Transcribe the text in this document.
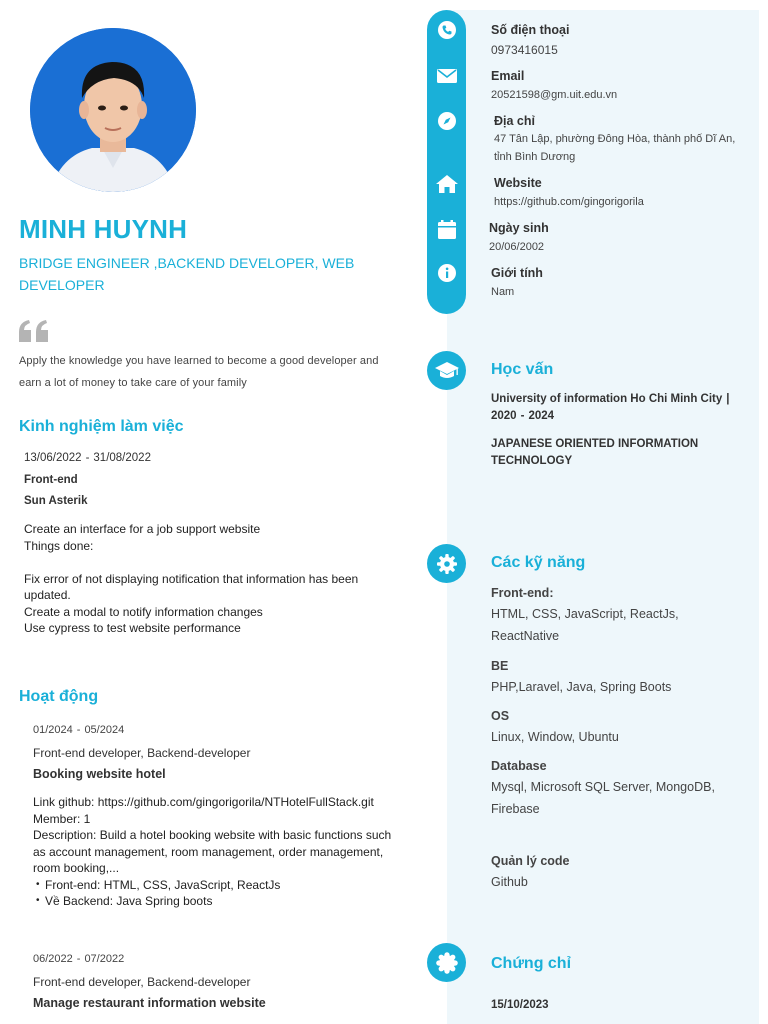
MINH HUYNH
BRIDGE ENGINEER ,BACKEND DEVELOPER, WEB DEVELOPER
Apply the knowledge you have learned to become a good developer and earn a lot of money to take care of your family
Kinh nghiệm làm việc
13/06/2022 - 31/08/2022
Front-end
Sun Asterik
Create an interface for a job support website
Things done:

Fix error of not displaying notification that information has been updated.
Create a modal to notify information changes
Use cypress to test website performance
Hoạt động
01/2024 - 05/2024
Front-end developer, Backend-developer
Booking website hotel
Link github: https://github.com/gingorigorila/NTHotelFullStack.git
Member: 1
Description: Build a hotel booking website with basic functions such as account management, room management, order management, room booking,...
• Front-end: HTML, CSS, JavaScript, ReactJs
• Về Backend: Java Spring boots
06/2022 - 07/2022
Front-end developer, Backend-developer
Manage restaurant information website
Số điện thoại
0973416015
Email
20521598@gm.uit.edu.vn
Địa chỉ
47 Tân Lập, phường Đông Hòa, thành phố Dĩ An, tỉnh Bình Dương
Website
https://github.com/gingorigorila
Ngày sinh
20/06/2002
Giới tính
Nam
Học vấn
University of information Ho Chi Minh City |
2020 - 2024
JAPANESE ORIENTED INFORMATION TECHNOLOGY
Các kỹ năng
Front-end:
HTML, CSS, JavaScript, ReactJs, ReactNative
BE
PHP,Laravel, Java, Spring Boots
OS
Linux, Window, Ubuntu
Database
Mysql, Microsoft SQL Server, MongoDB, Firebase
Quản lý code
Github
Chứng chỉ
15/10/2023
